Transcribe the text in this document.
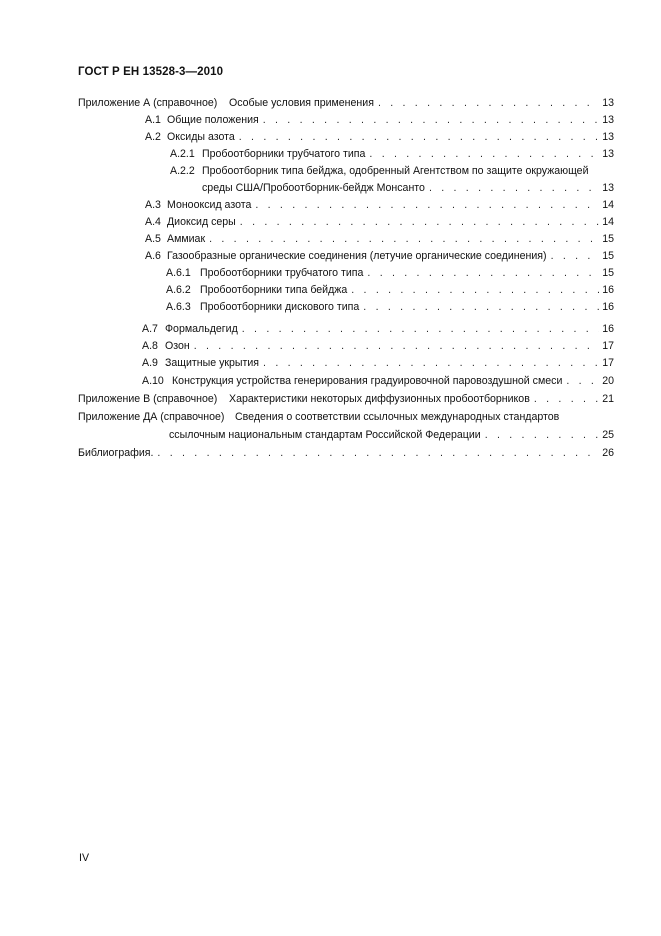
ГОСТ Р ЕН 13528-3—2010
Приложение А (справочное) Особые условия применения . . .	13
А.1 Общие положения . . .	13
А.2 Оксиды азота . . .	13
А.2.1 Пробоотборники трубчатого типа . . .	13
А.2.2 Пробоотборник типа бейджа, одобренный Агентством по защите окружающей
среды США/Пробоотборник-бейдж Монсанто . . .	13
А.3 Монооксид азота . . .	14
А.4 Диоксид серы . . .	14
А.5 Аммиак . . .	15
А.6 Газообразные органические соединения (летучие органические соединения) . . .	15
А.6.1 Пробоотборники трубчатого типа . . .	15
А.6.2 Пробоотборники типа бейджа . . .	16
А.6.3 Пробоотборники дискового типа . . .	16
А.7 Формальдегид . . .	16
А.8 Озон . . .	17
А.9 Защитные укрытия . . .	17
А.10 Конструкция устройства генерирования градуировочной паровоздушной смеси . . .	20
Приложение В (справочное) Характеристики некоторых диффузионных пробоотборников . . .	21
Приложение ДА (справочное) Сведения о соответствии ссылочных международных стандартов
ссылочным национальным стандартам Российской Федерации . . .	25
Библиография. . . .	26
IV
